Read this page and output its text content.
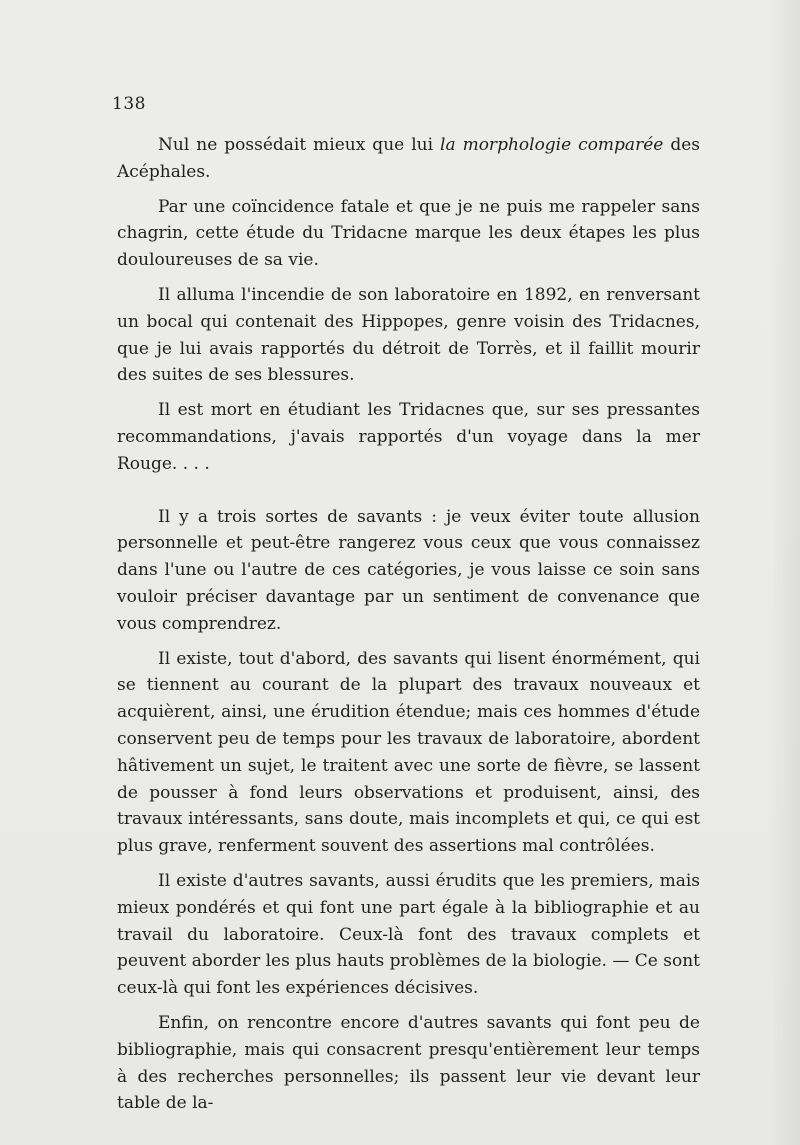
138

Nul ne possédait mieux que lui la morphologie comparée des Acéphales.

Par une coïncidence fatale et que je ne puis me rappeler sans chagrin, cette étude du Tridacne marque les deux étapes les plus douloureuses de sa vie.

Il alluma l'incendie de son laboratoire en 1892, en renversant un bocal qui contenait des Hippopes, genre voisin des Tridacnes, que je lui avais rapportés du détroit de Torrès, et il faillit mourir des suites de ses blessures.

Il est mort en étudiant les Tridacnes que, sur ses pressantes recommandations, j'avais rapportés d'un voyage dans la mer Rouge. . . .

Il y a trois sortes de savants : je veux éviter toute allusion personnelle et peut-être rangerez vous ceux que vous connaissez dans l'une ou l'autre de ces catégories, je vous laisse ce soin sans vouloir préciser davantage par un sentiment de convenance que vous comprendrez.

Il existe, tout d'abord, des savants qui lisent énormément, qui se tiennent au courant de la plupart des travaux nouveaux et acquièrent, ainsi, une érudition étendue; mais ces hommes d'étude conservent peu de temps pour les travaux de laboratoire, abordent hâtivement un sujet, le traitent avec une sorte de fièvre, se lassent de pousser à fond leurs observations et produisent, ainsi, des travaux intéressants, sans doute, mais incomplets et qui, ce qui est plus grave, renferment souvent des assertions mal contrôlées.

Il existe d'autres savants, aussi érudits que les premiers, mais mieux pondérés et qui font une part égale à la bibliographie et au travail du laboratoire. Ceux-là font des travaux complets et peuvent aborder les plus hauts problèmes de la biologie. — Ce sont ceux-là qui font les expériences décisives.

Enfin, on rencontre encore d'autres savants qui font peu de bibliographie, mais qui consacrent presqu'entièrement leur temps à des recherches personnelles; ils passent leur vie devant leur table de la-
